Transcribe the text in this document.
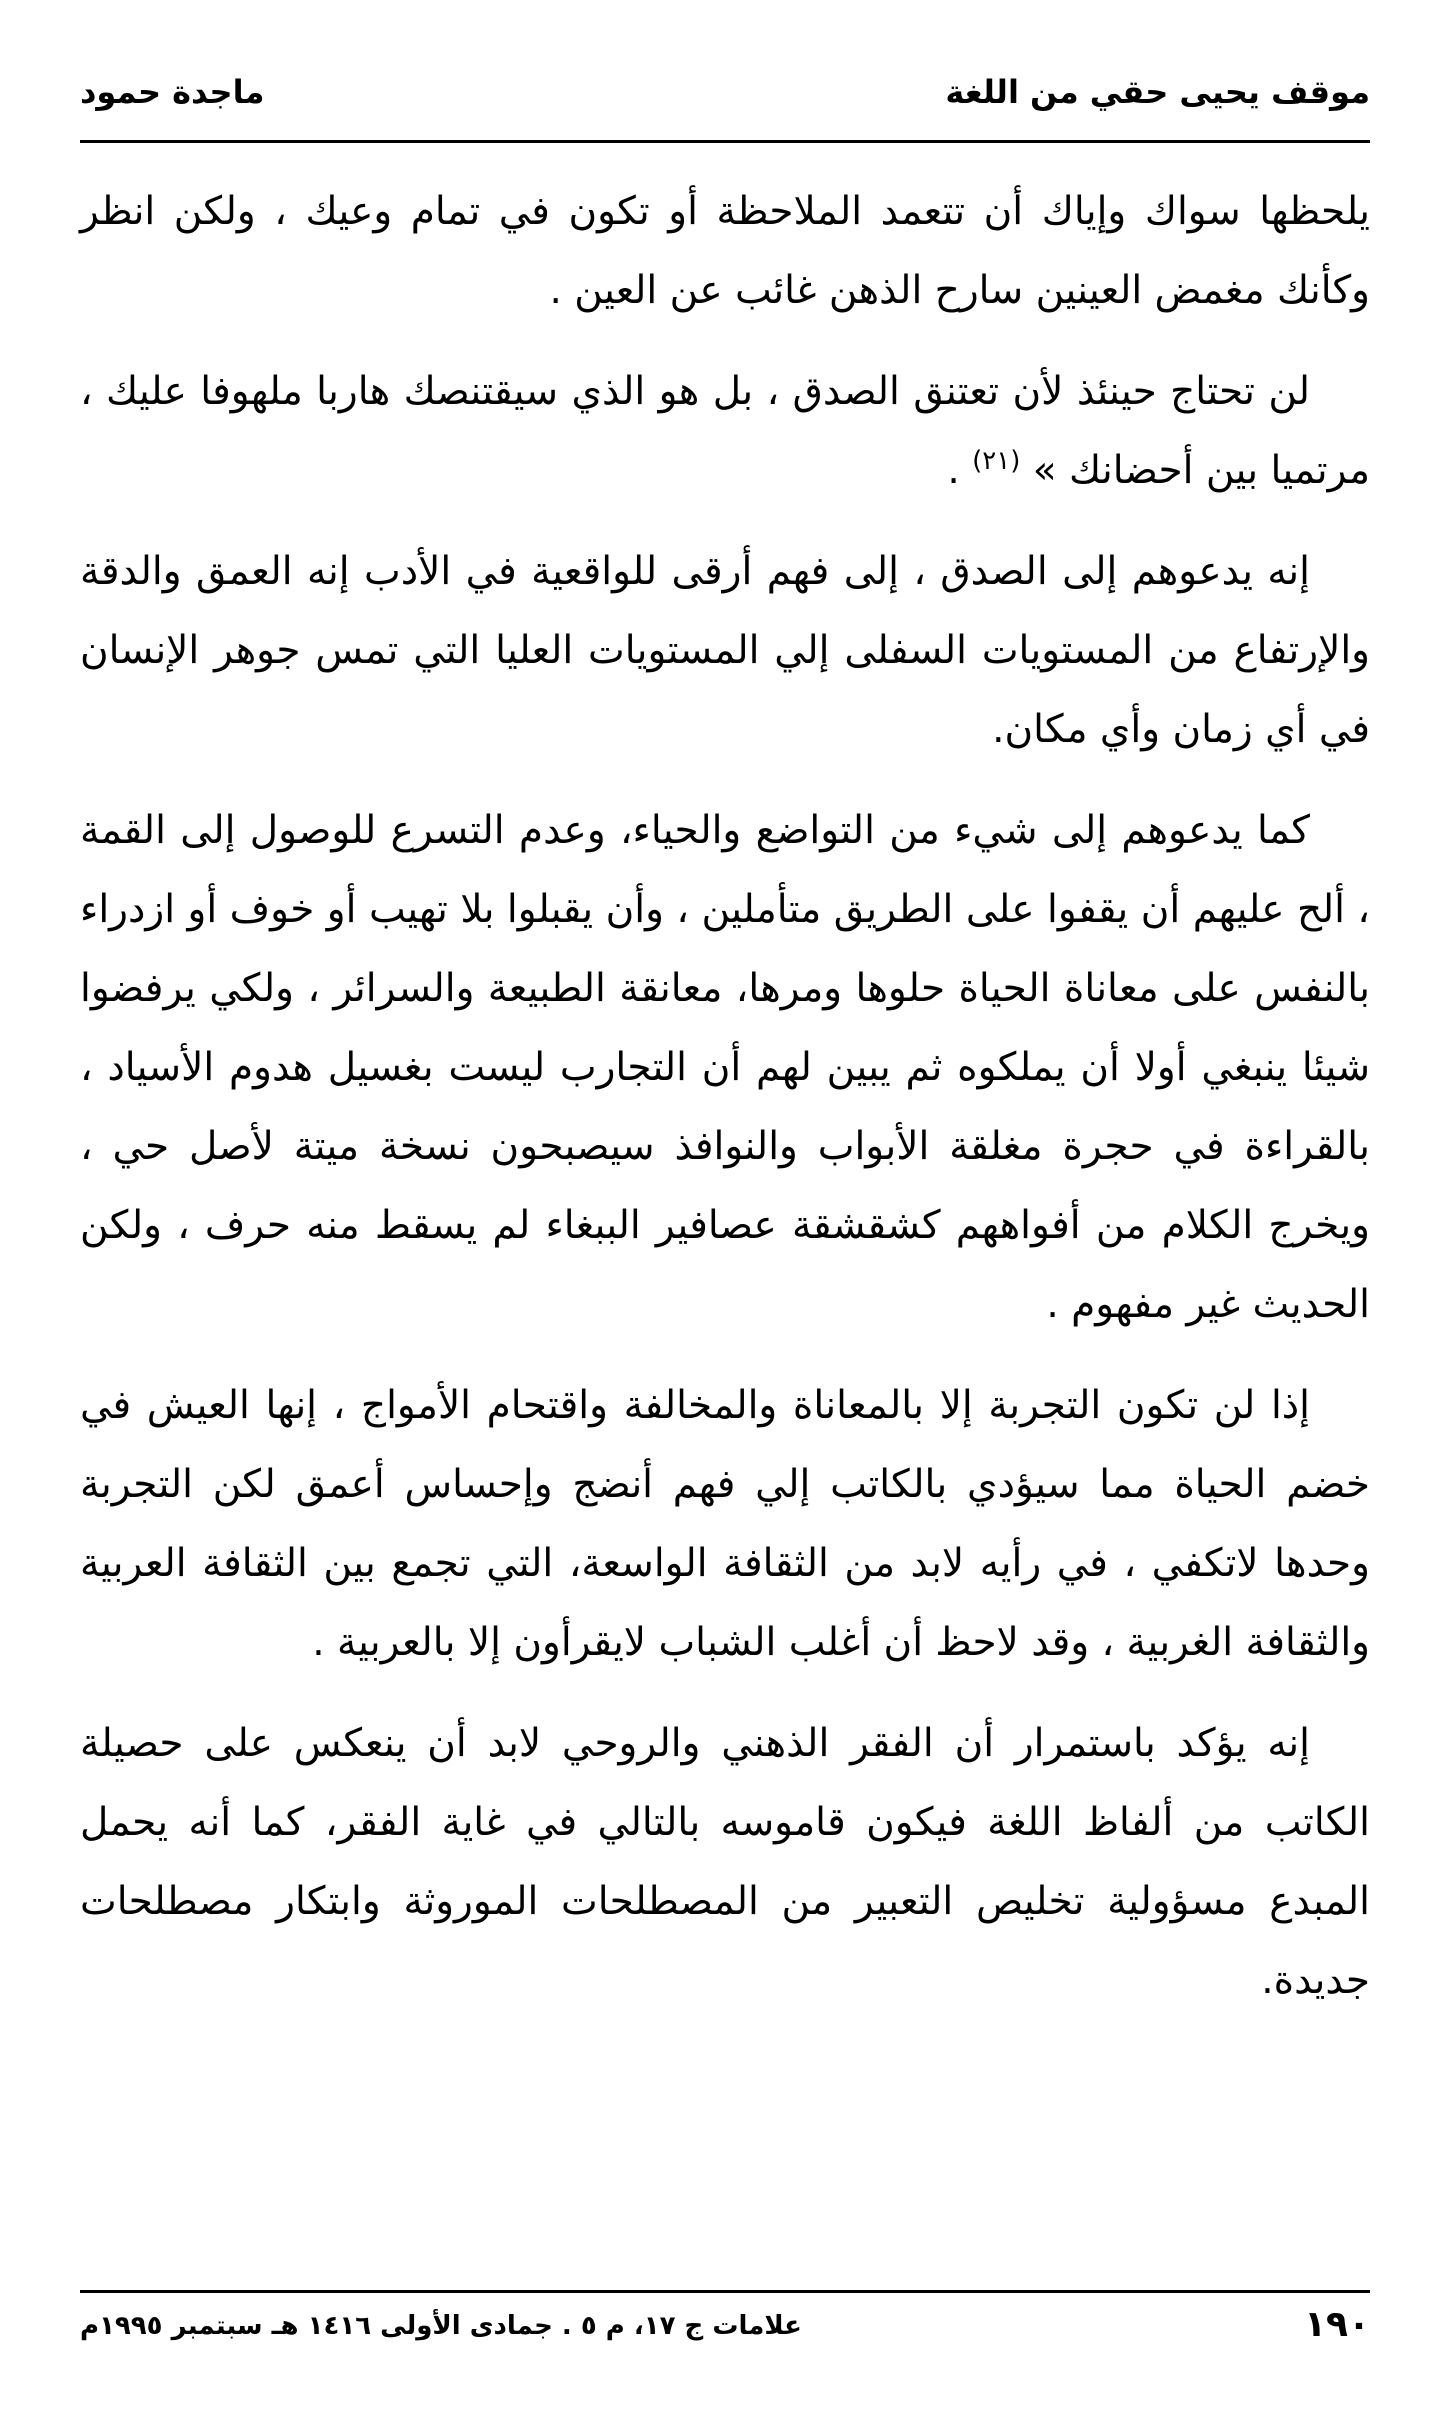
موقف يحيى حقي من اللغة
ماجدة حمود

يلحظها سواك وإياك أن تتعمد الملاحظة أو تكون في تمام وعيك ، ولكن انظر وكأنك مغمض العينين سارح الذهن غائب عن العين .

لن تحتاج حينئذ لأن تعتنق الصدق ، بل هو الذي سيقتنصك هاربا ملهوفا عليك ، مرتميا بين أحضانك » $^{(٢١)}$ .

إنه يدعوهم إلى الصدق ، إلى فهم أرقى للواقعية في الأدب إنه العمق والدقة والإرتفاع من المستويات السفلى إلي المستويات العليا التي تمس جوهر الإنسان في أي زمان وأي مكان.

كما يدعوهم إلى شيء من التواضع والحياء، وعدم التسرع للوصول إلى القمة ، ألح عليهم أن يقفوا على الطريق متأملين ، وأن يقبلوا بلا تهيب أو خوف أو ازدراء بالنفس على معاناة الحياة حلوها ومرها، معانقة الطبيعة والسرائر ، ولكي يرفضوا شيئا ينبغي أولا أن يملكوه ثم يبين لهم أن التجارب ليست بغسيل هدوم الأسياد ، بالقراءة في حجرة مغلقة الأبواب والنوافذ سيصبحون نسخة ميتة لأصل حي ، ويخرج الكلام من أفواههم كشقشقة عصافير الببغاء لم يسقط منه حرف ، ولكن الحديث غير مفهوم .

إذا لن تكون التجربة إلا بالمعاناة والمخالفة واقتحام الأمواج ، إنها العيش في خضم الحياة مما سيؤدي بالكاتب إلي فهم أنضج وإحساس أعمق لكن التجربة وحدها لاتكفي ، في رأيه لابد من الثقافة الواسعة، التي تجمع بين الثقافة العربية والثقافة الغربية ، وقد لاحظ أن أغلب الشباب لايقرأون إلا بالعربية .

إنه يؤكد باستمرار أن الفقر الذهني والروحي لابد أن ينعكس على حصيلة الكاتب من ألفاظ اللغة فيكون قاموسه بالتالي في غاية الفقر، كما أنه يحمل المبدع مسؤولية تخليص التعبير من المصطلحات الموروثة وابتكار مصطلحات جديدة.

١٩٠
علامات ج ١٧، م ٥ . جمادى الأولى ١٤١٦ هـ سبتمبر ١٩٩٥م
